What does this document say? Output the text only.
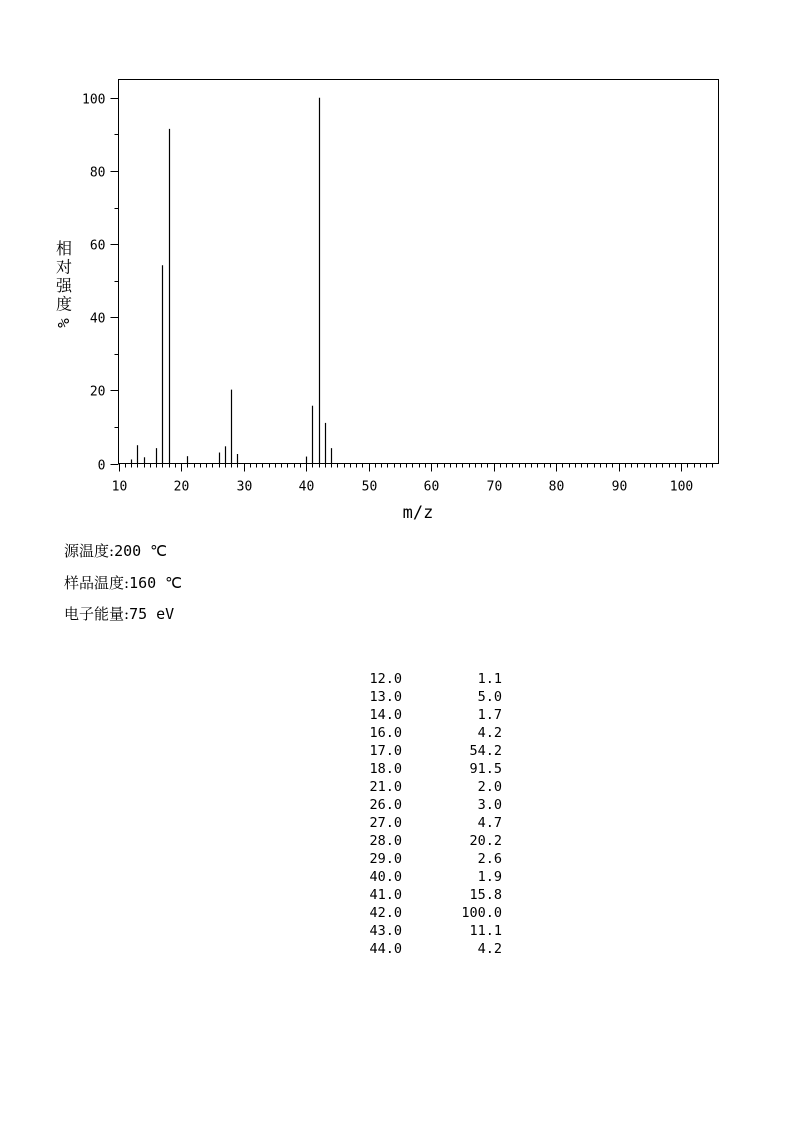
10	20	30	40	50	60	70	80	90	100
0
20
40
60
80
100
m/z
相
对
强
度
%
源温度:200 ℃
样品温度:160 ℃
电子能量:75 eV
12.0	1.1
13.0	5.0
14.0	1.7
16.0	4.2
17.0	54.2
18.0	91.5
21.0	2.0
26.0	3.0
27.0	4.7
28.0	20.2
29.0	2.6
40.0	1.9
41.0	15.8
42.0	100.0
43.0	11.1
44.0	4.2
